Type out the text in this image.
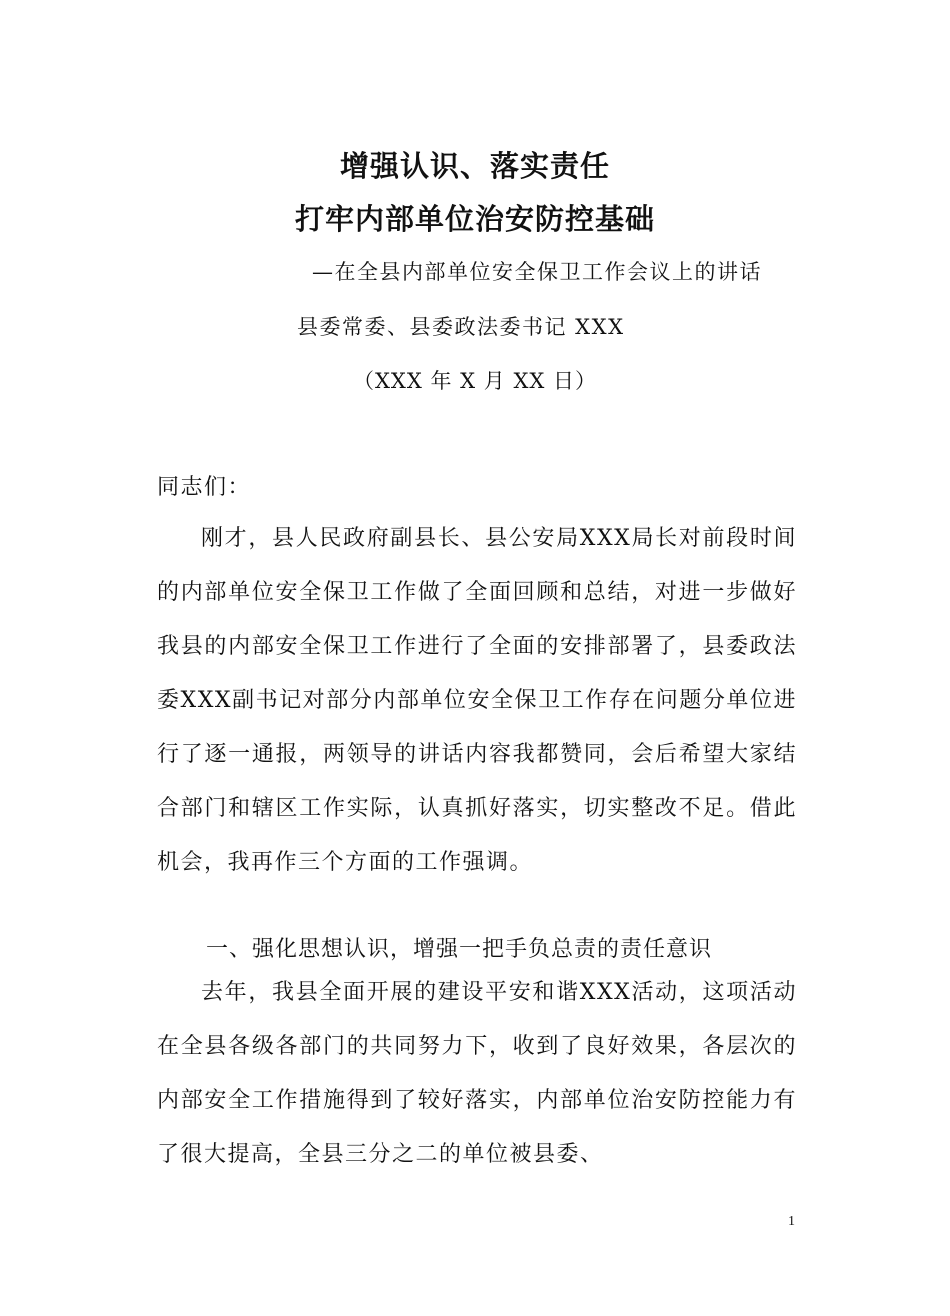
增强认识、落实责任
打牢内部单位治安防控基础
—在全县内部单位安全保卫工作会议上的讲话
县委常委、县委政法委书记 XXX
（XXX 年 X 月 XX 日）
同志们：

刚才，县人民政府副县长、县公安局XXX局长对前段时间的内部单位安全保卫工作做了全面回顾和总结，对进一步做好我县的内部安全保卫工作进行了全面的安排部署了，县委政法委XXX副书记对部分内部单位安全保卫工作存在问题分单位进行了逐一通报，两领导的讲话内容我都赞同，会后希望大家结合部门和辖区工作实际，认真抓好落实，切实整改不足。借此机会，我再作三个方面的工作强调。

一、强化思想认识，增强一把手负总责的责任意识

去年，我县全面开展的建设平安和谐XXX活动，这项活动在全县各级各部门的共同努力下，收到了良好效果，各层次的内部安全工作措施得到了较好落实，内部单位治安防控能力有了很大提高，全县三分之二的单位被县委、

1
